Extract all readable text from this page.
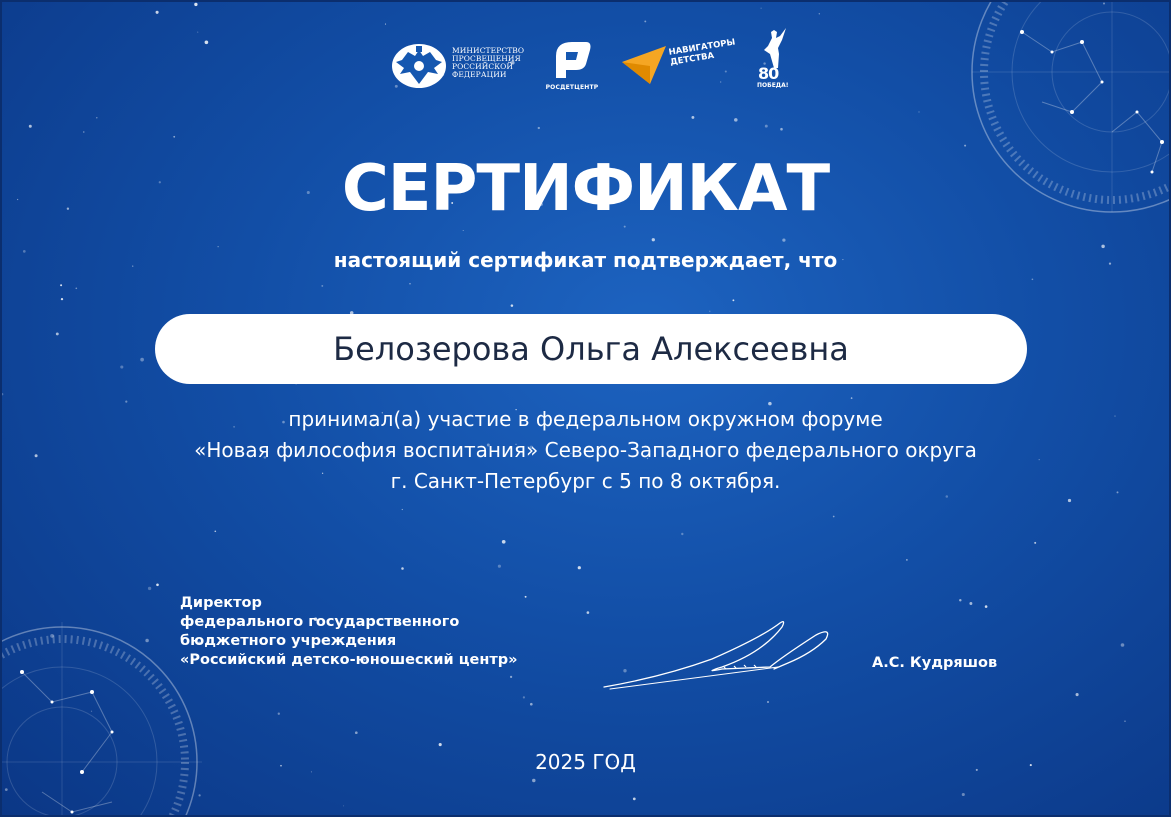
МИНИСТЕРСТВО
ПРОСВЕЩЕНИЯ
РОССИЙСКОЙ
ФЕДЕРАЦИИ
РОСДЕТЦЕНТР
НАВИГАТОРЫ
ДЕТСТВА
80
ПОБЕДА!
СЕРТИФИКАТ
настоящий сертификат подтверждает, что
Белозерова Ольга Алексеевна
принимал(а) участие в федеральном окружном форуме
«Новая философия воспитания» Северо-Западного федерального округа
г. Санкт-Петербург с 5 по 8 октября.
Директор
федерального государственного
бюджетного учреждения
«Российский детско-юношеский центр»	А.С. Кудряшов
2025 ГОД
